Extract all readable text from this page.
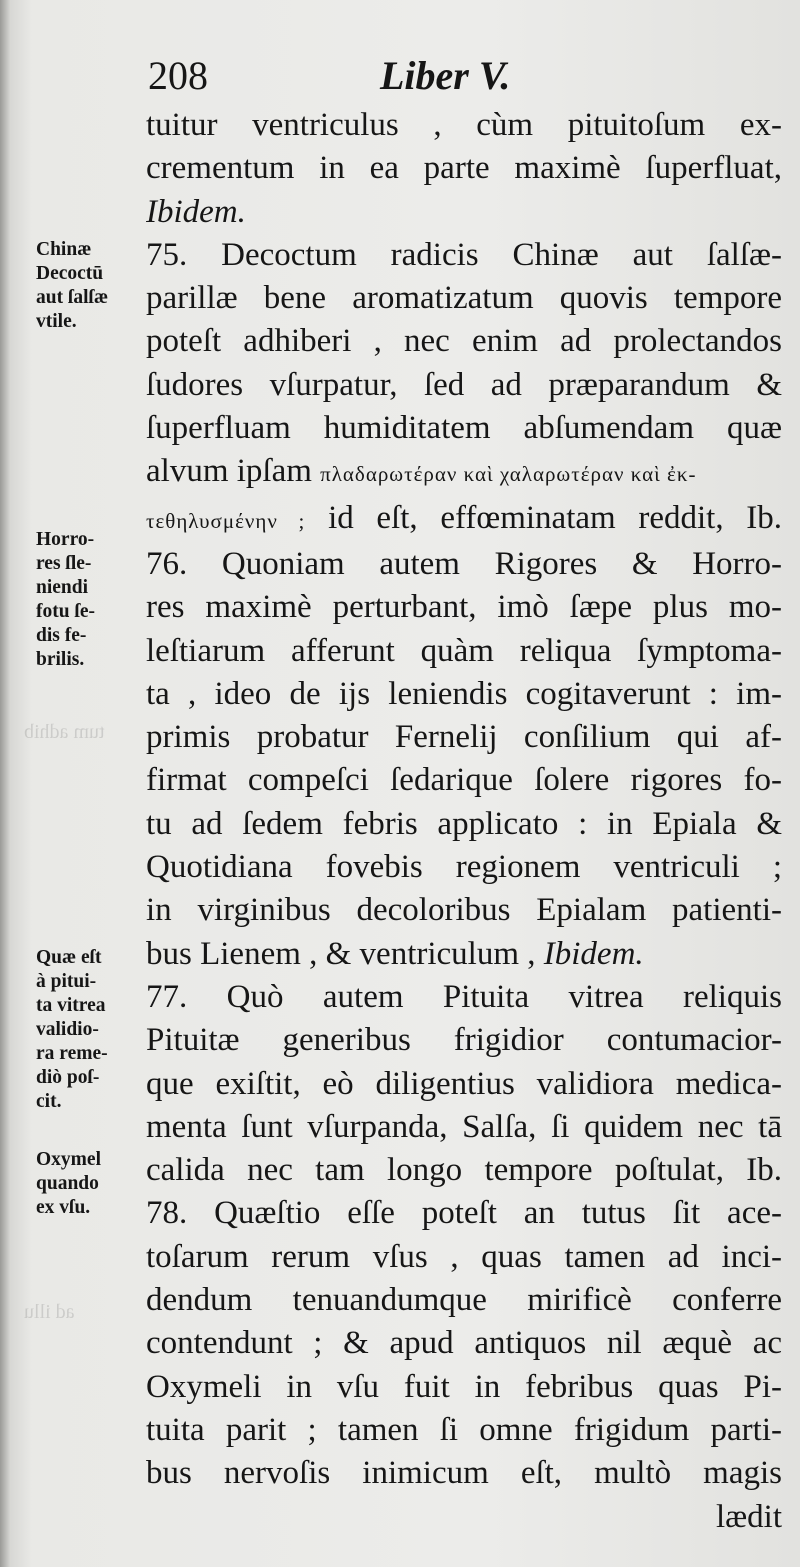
tum adhib
ad illu
208	Liber V.
Chinæ
Decoctū
aut ſalſæ
vtile.
Horro-
res ſle-
niendi
fotu ſe-
dis fe-
brilis.
Quæ eſt
à pitui-
ta vitrea
validio-
ra reme-
diò poſ-
cit.
Oxymel
quando
ex vſu.
tuitur ventriculus , cùm pituitoſum ex-
crementum in ea parte maximè ſuperfluat,
Ibidem.
75. Decoctum radicis Chinæ aut ſalſæ-
parillæ bene aromatizatum quovis tempore
poteſt adhiberi , nec enim ad prolectandos
ſudores vſurpatur, ſed ad præparandum &
ſuperfluam humiditatem abſumendam quæ
alvum ipſam πλαδαρωτέραν καὶ χαλαρωτέραν καὶ ἐκ-
τεθηλυσμένην ; id eſt, effœminatam reddit, Ib.
76. Quoniam autem Rigores & Horro-
res maximè perturbant, imò ſæpe plus mo-
leſtiarum afferunt quàm reliqua ſymptoma-
ta , ideo de ijs leniendis cogitaverunt : im-
primis probatur Fernelij conſilium qui af-
firmat compeſci ſedarique ſolere rigores fo-
tu ad ſedem febris applicato : in Epiala &
Quotidiana fovebis regionem ventriculi ;
in virginibus decoloribus Epialam patienti-
bus Lienem , & ventriculum , Ibidem.
77. Quò autem Pituita vitrea reliquis
Pituitæ generibus frigidior contumacior-
que exiſtit, eò diligentius validiora medica-
menta ſunt vſurpanda, Salſa, ſi quidem nec tā
calida nec tam longo tempore poſtulat, Ib.
78. Quæſtio eſſe poteſt an tutus ſit ace-
toſarum rerum vſus , quas tamen ad inci-
dendum tenuandumque mirificè conferre
contendunt ; & apud antiquos nil æquè ac
Oxymeli in vſu fuit in febribus quas Pi-
tuita parit ; tamen ſi omne frigidum parti-
bus nervoſis inimicum eſt, multò magis
lædit
